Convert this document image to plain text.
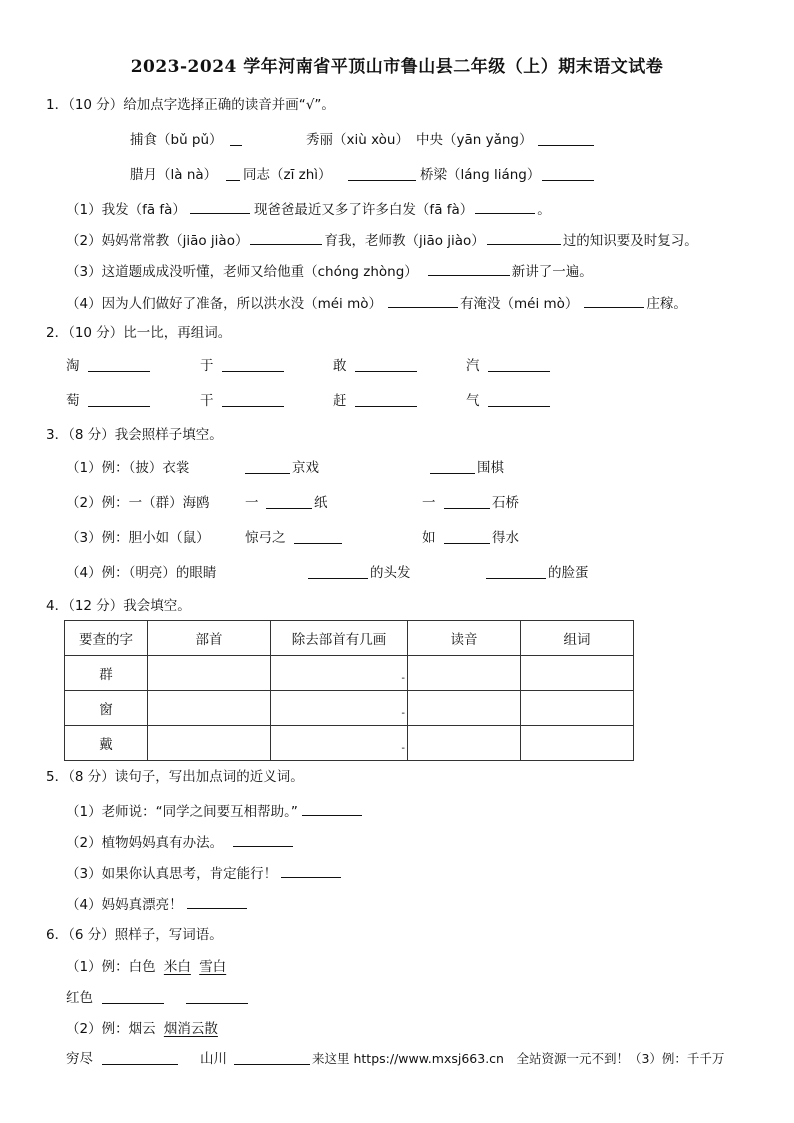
2023-2024 学年河南省平顶山市鲁山县二年级（上）期末语文试卷
1．（10 分）给加点字选择正确的读音并画“√”。
捕食（bǔ pǔ）	秀丽（xiù xòu） 中央（yān yǎng）
腊月（là nà） 同志（zī zhì）	桥梁（láng liáng）
（1）我发（fā fà）	现爸爸最近又多了许多白发（fā fà）	。
（2）妈妈常常教（jiāo jiào）	育我，老师教（jiāo jiào）	过的知识要及时复习。
（3）这道题成成没听懂，老师又给他重（chóng zhòng）	新讲了一遍。
（4）因为人们做好了准备，所以洪水没（méi mò）	有淹没（méi mò）	庄稼。
2．（10 分）比一比，再组词。
淘	于	敢	汽
萄	干	赶	气
3．（8 分）我会照样子填空。
（1）例：（披）衣裳	京戏	围棋
（2）例：一（群）海鸥	一	纸	一	石桥
（3）例：胆小如（鼠）	惊弓之	如	得水
（4）例：（明亮）的眼睛	的头发	的脸蛋
4．（12 分）我会填空。
要查的字	部首	除去部首有几画	读音	组词
群		-		

窗		-		

戴		-		

5．（8 分）读句子，写出加点词的近义词。
（1）老师说：“同学之间要互相帮助。”
（2）植物妈妈真有办法。
（3）如果你认真思考，肯定能行！
（4）妈妈真漂亮！
6．（6 分）照样子，写词语。
（1）例：白色 米白 雪白
红色
（2）例：烟云 烟消云散
穷尽	山川	来这里 https://www.mxsj663.cn　全站资源一元不到！（3）例：千千万
